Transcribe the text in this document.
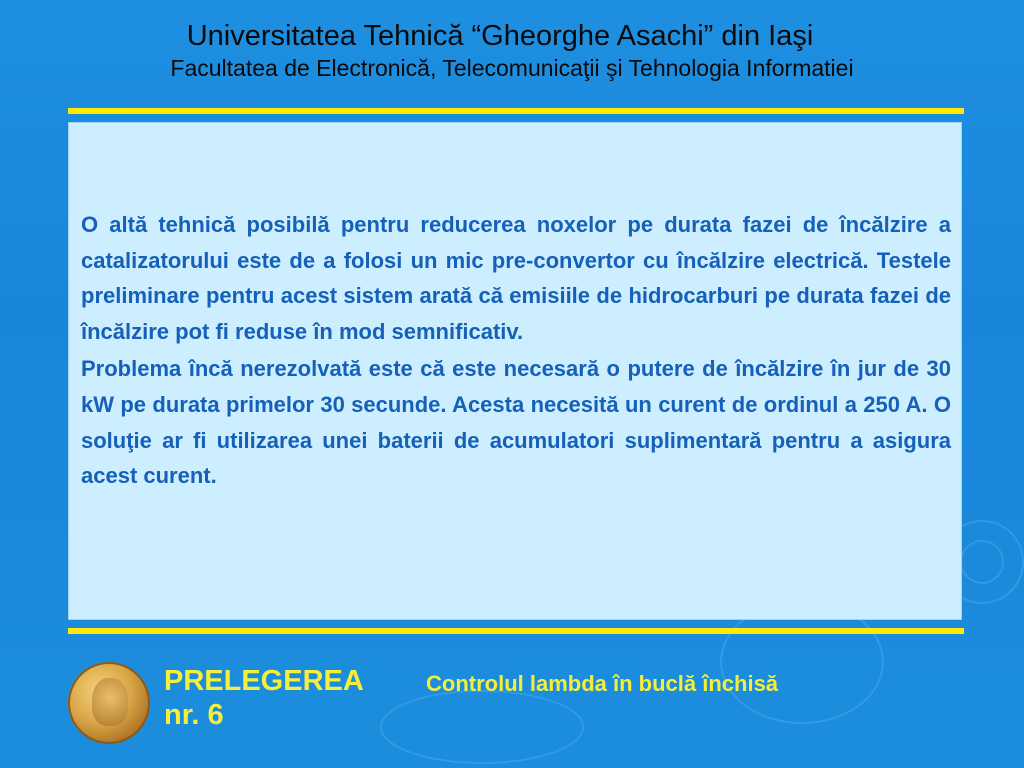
Universitatea Tehnică “Gheorghe Asachi” din Iaşi
Facultatea de Electronică, Telecomunicaţii şi Tehnologia Informatiei

O altă tehnică posibilă pentru reducerea noxelor pe durata fazei de încălzire a catalizatorului este de a folosi un mic pre-convertor cu încălzire electrică. Testele preliminare pentru acest sistem arată că emisiile de hidrocarburi pe durata fazei de încălzire pot fi reduse în mod semnificativ.

Problema încă nerezolvată este că este necesară o putere de încălzire în jur de 30 kW pe durata primelor 30 secunde. Acesta necesită un curent de ordinul a 250 A. O soluţie ar fi utilizarea unei baterii de acumulatori suplimentară pentru a asigura acest curent.

PRELEGEREA
nr. 6
Controlul lambda în buclă închisă
